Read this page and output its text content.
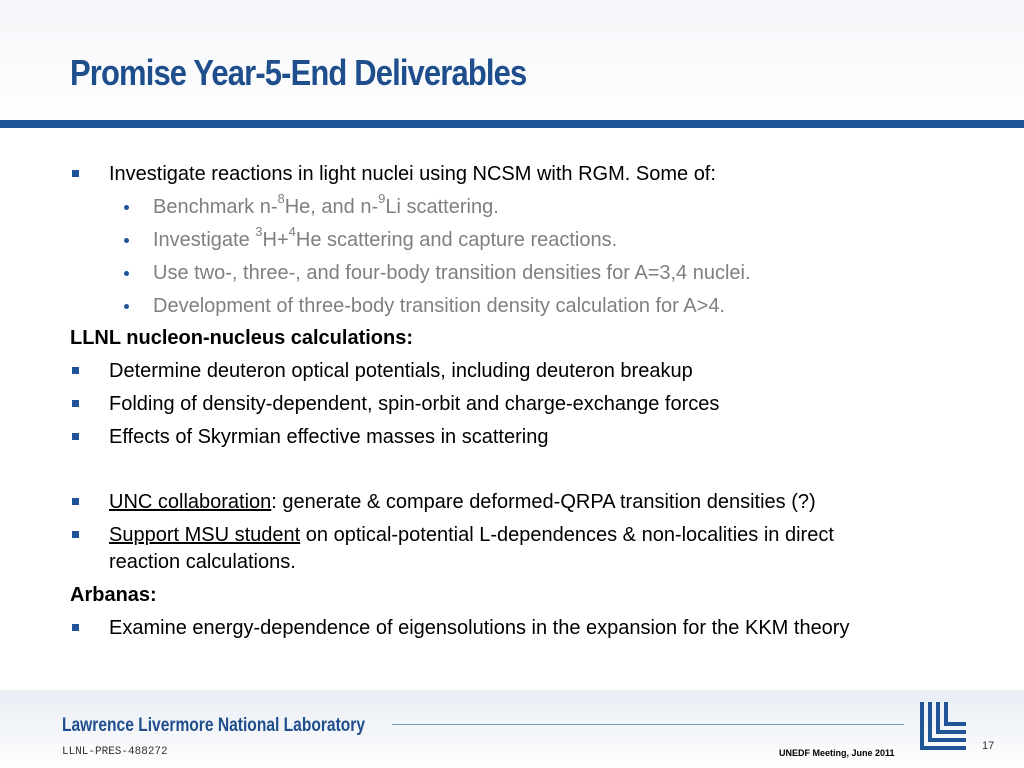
Promise Year-5-End Deliverables
Investigate reactions in light nuclei using NCSM with RGM. Some of:
Benchmark n-$^8$He, and n-$^9$Li scattering.
Investigate $^3$H+$^4$He scattering and capture reactions.
Use two-, three-, and four-body transition densities for A=3,4 nuclei.
Development of three-body transition density calculation for A>4.
LLNL nucleon-nucleus calculations:
Determine deuteron optical potentials, including deuteron breakup
Folding of density-dependent, spin-orbit and charge-exchange forces
Effects of Skyrmian effective masses in scattering
UNC collaboration: generate & compare deformed-QRPA transition densities (?)
Support MSU student on optical-potential L-dependences & non-localities in direct
reaction calculations.
Arbanas:
Examine energy-dependence of eigensolutions in the expansion for the KKM theory
Lawrence Livermore National Laboratory
LLNL-PRES-488272	UNEDF Meeting, June 2011
17
